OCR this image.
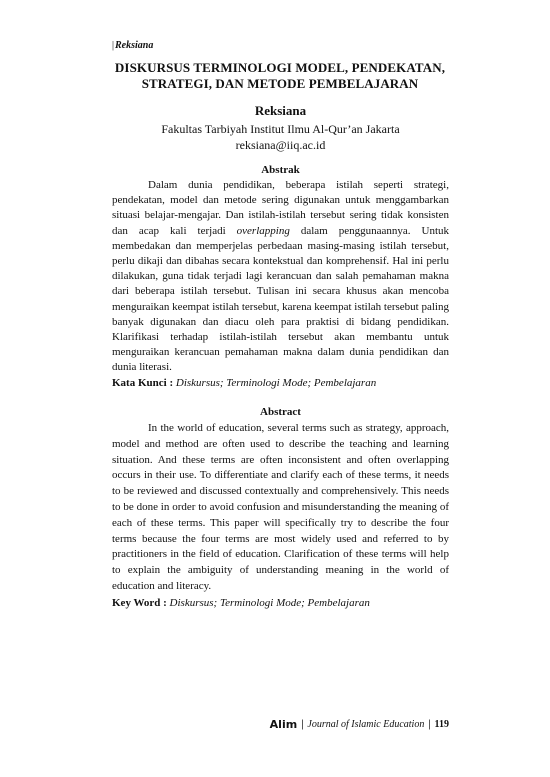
|Reksiana
DISKURSUS TERMINOLOGI MODEL, PENDEKATAN,
STRATEGI, DAN METODE PEMBELAJARAN
Reksiana
Fakultas Tarbiyah Institut Ilmu Al-Qur’an Jakarta
reksiana@iiq.ac.id
Abstrak

Dalam dunia pendidikan, beberapa istilah seperti strategi, pendekatan, model dan metode sering digunakan untuk menggambarkan situasi belajar-mengajar. Dan istilah-istilah tersebut sering tidak konsisten dan acap kali terjadi overlapping dalam penggunaannya. Untuk membedakan dan memperjelas perbedaan masing-masing istilah tersebut, perlu dikaji dan dibahas secara kontekstual dan komprehensif. Hal ini perlu dilakukan, guna tidak terjadi lagi kerancuan dan salah pemahaman makna dari beberapa istilah tersebut. Tulisan ini secara khusus akan mencoba menguraikan keempat istilah tersebut, karena keempat istilah tersebut paling banyak digunakan dan diacu oleh para praktisi di bidang pendidikan. Klarifikasi terhadap istilah-istilah tersebut akan membantu untuk menguraikan kerancuan pemahaman makna dalam dunia pendidikan dan dunia literasi.

Kata Kunci : Diskursus; Terminologi Mode; Pembelajaran
Abstract

In the world of education, several terms such as strategy, approach, model and method are often used to describe the teaching and learning situation. And these terms are often inconsistent and often overlapping occurs in their use. To differentiate and clarify each of these terms, it needs to be reviewed and discussed contextually and comprehensively. This needs to be done in order to avoid confusion and misunderstanding the meaning of each of these terms. This paper will specifically try to describe the four terms because the four terms are most widely used and referred to by practitioners in the field of education. Clarification of these terms will help to explain the ambiguity of understanding meaning in the world of education and literacy.

Key Word : Diskursus; Terminologi Mode; Pembelajaran
Alim | Journal of Islamic Education | 119
